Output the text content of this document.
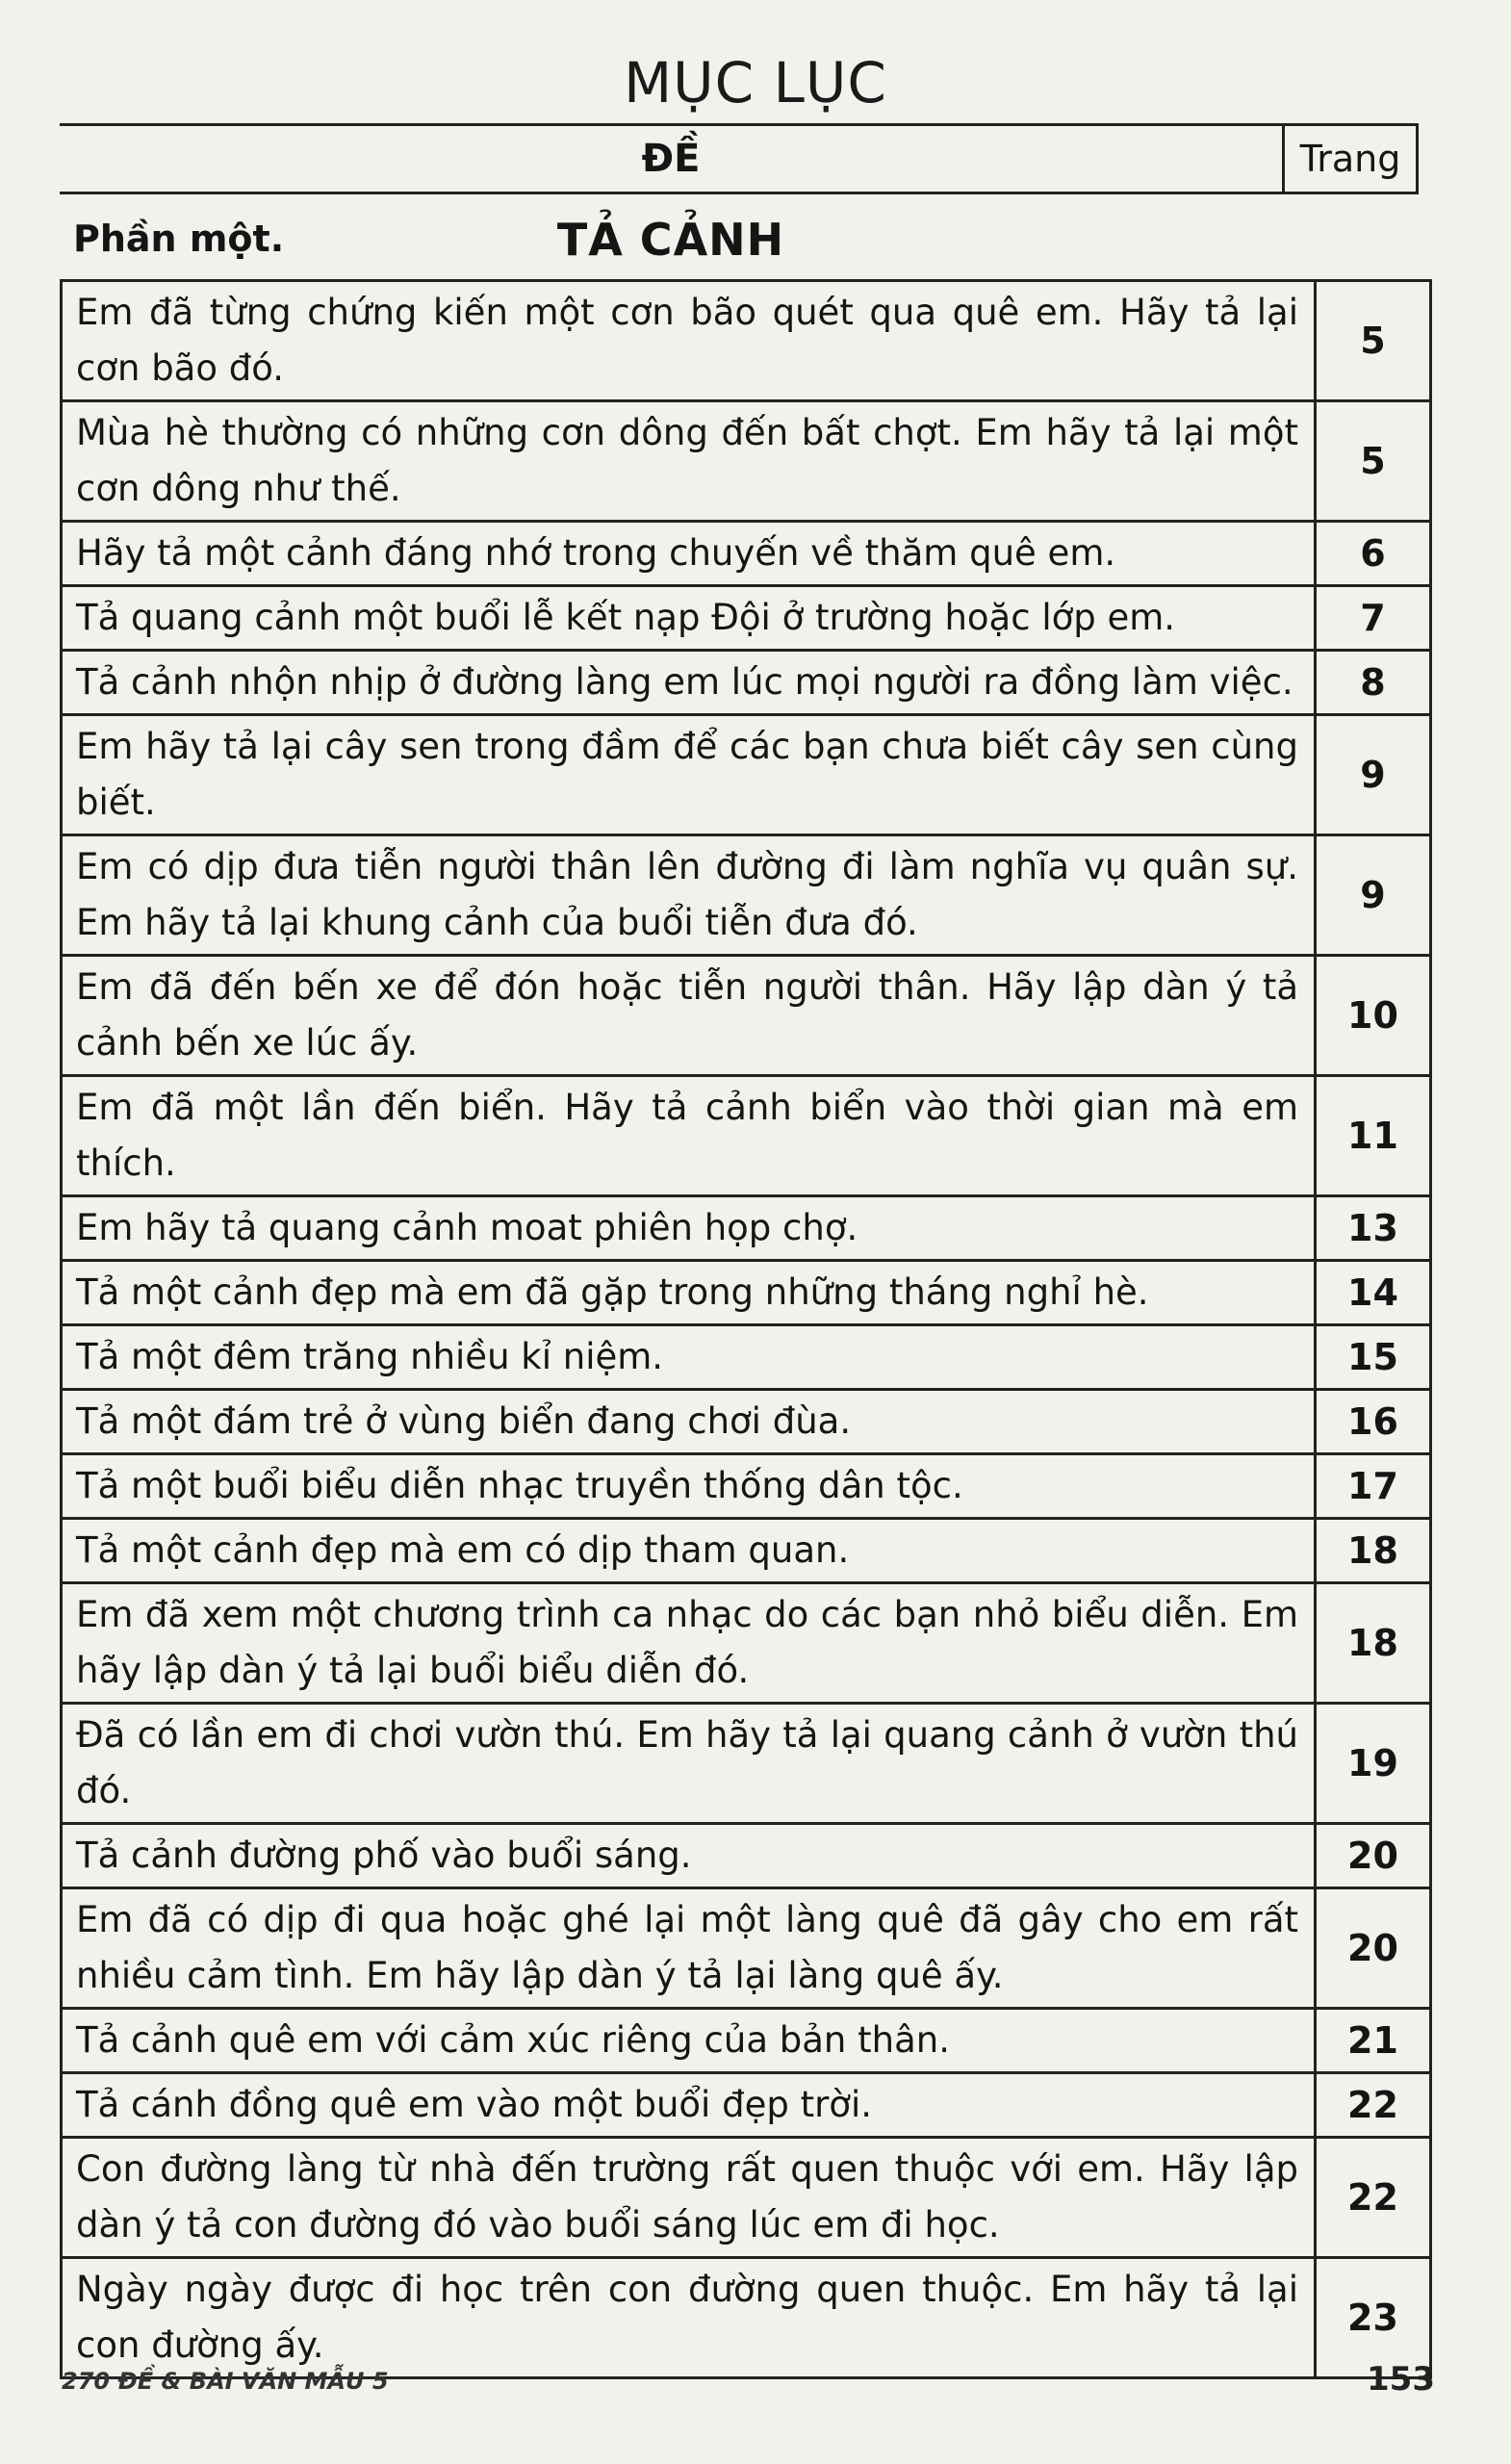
MỤC LỤC
ĐỀ	Trang
Phần một.	TẢ CẢNH
Em đã từng chứng kiến một cơn bão quét qua quê em. Hãy tả lại cơn bão đó.	5
Mùa hè thường có những cơn dông đến bất chợt. Em hãy tả lại một cơn dông như thế.	5
Hãy tả một cảnh đáng nhớ trong chuyến về thăm quê em.	6
Tả quang cảnh một buổi lễ kết nạp Đội ở trường hoặc lớp em.	7
Tả cảnh nhộn nhịp ở đường làng em lúc mọi người ra đồng làm việc.	8
Em hãy tả lại cây sen trong đầm để các bạn chưa biết cây sen cùng biết.	9
Em có dịp đưa tiễn người thân lên đường đi làm nghĩa vụ quân sự. Em hãy tả lại khung cảnh của buổi tiễn đưa đó.	9
Em đã đến bến xe để đón hoặc tiễn người thân. Hãy lập dàn ý tả cảnh bến xe lúc ấy.	10
Em đã một lần đến biển. Hãy tả cảnh biển vào thời gian mà em thích.	11
Em hãy tả quang cảnh moat phiên họp chợ.	13
Tả một cảnh đẹp mà em đã gặp trong những tháng nghỉ hè.	14
Tả một đêm trăng nhiều kỉ niệm.	15
Tả một đám trẻ ở vùng biển đang chơi đùa.	16
Tả một buổi biểu diễn nhạc truyền thống dân tộc.	17
Tả một cảnh đẹp mà em có dịp tham quan.	18
Em đã xem một chương trình ca nhạc do các bạn nhỏ biểu diễn. Em hãy lập dàn ý tả lại buổi biểu diễn đó.	18
Đã có lần em đi chơi vườn thú. Em hãy tả lại quang cảnh ở vườn thú đó.	19
Tả cảnh đường phố vào buổi sáng.	20
Em đã có dịp đi qua hoặc ghé lại một làng quê đã gây cho em rất nhiều cảm tình. Em hãy lập dàn ý tả lại làng quê ấy.	20
Tả cảnh quê em với cảm xúc riêng của bản thân.	21
Tả cánh đồng quê em vào một buổi đẹp trời.	22
Con đường làng từ nhà đến trường rất quen thuộc với em. Hãy lập dàn ý tả con đường đó vào buổi sáng lúc em đi học.	22
Ngày ngày được đi học trên con đường quen thuộc. Em hãy tả lại con đường ấy.	23
270 ĐỀ & BÀI VĂN MẪU 5	153
